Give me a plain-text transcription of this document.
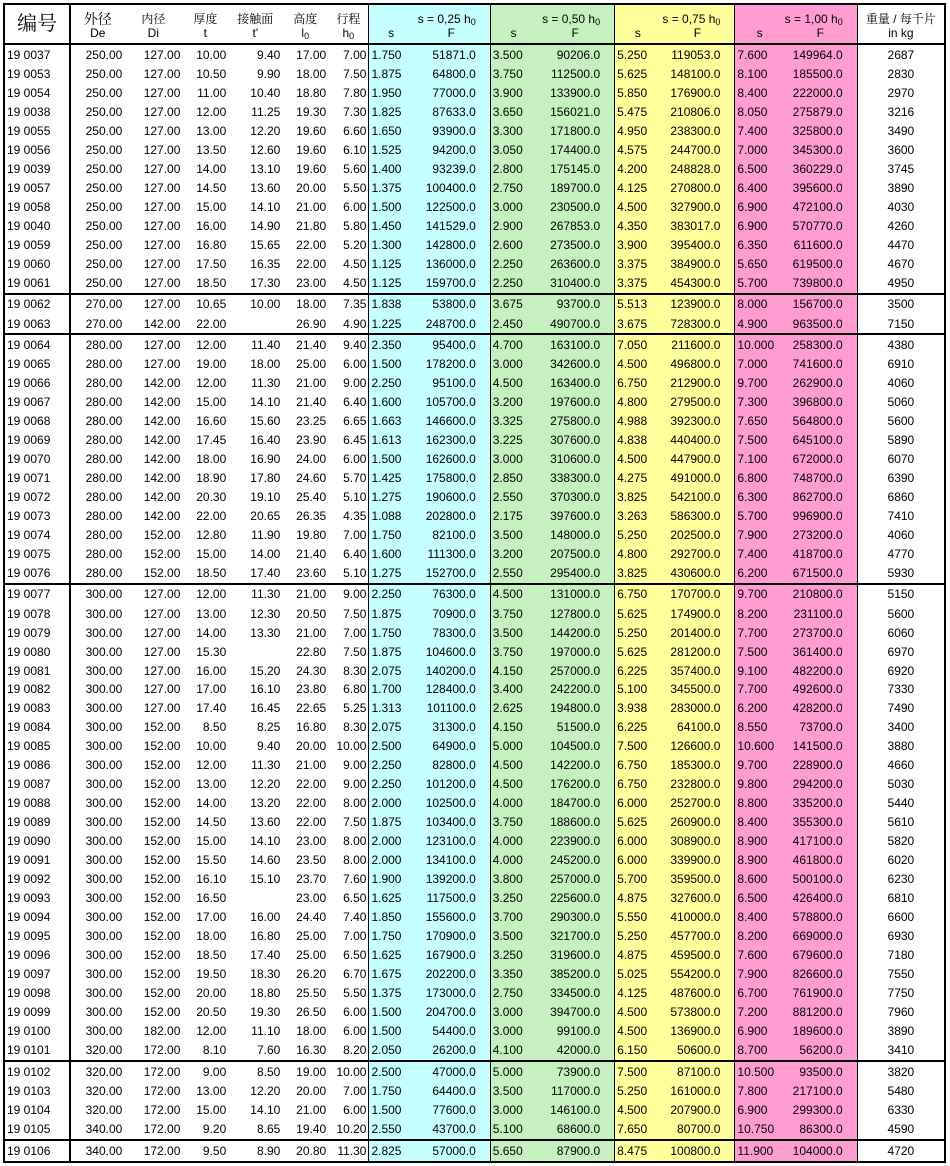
编号	外径	内径	厚度	接触面	高度	行程	s = 0,25 $h_0$		s = 0,50 $h_0$		s = 0,75 $h_0$		s = 1,00 $h_0$		重量 / 每千片
	De	Di	t	t'	$l_0$	$h_0$	s	F	s	F	s	F	s	F	in kg
19 0037	250.00	127.00	10.00	9.40	17.00	7.00	1.750	51871.0	3.500	90206.0	5.250	119053.0	7.600	149964.0	2687
19 0053	250.00	127.00	10.50	9.90	18.00	7.50	1.875	64800.0	3.750	112500.0	5.625	148100.0	8.100	185500.0	2830
19 0054	250.00	127.00	11.00	10.40	18.80	7.80	1.950	77000.0	3.900	133900.0	5.850	176900.0	8.400	222000.0	2970
19 0038	250.00	127.00	12.00	11.25	19.30	7.30	1.825	87633.0	3.650	156021.0	5.475	210806.0	8.050	275879.0	3216
19 0055	250.00	127.00	13.00	12.20	19.60	6.60	1.650	93900.0	3.300	171800.0	4.950	238300.0	7.400	325800.0	3490
19 0056	250.00	127.00	13.50	12.60	19.60	6.10	1.525	94200.0	3.050	174400.0	4.575	244700.0	7.000	345300.0	3600
19 0039	250.00	127.00	14.00	13.10	19.60	5.60	1.400	93239.0	2.800	175145.0	4.200	248828.0	6.500	360229.0	3745
19 0057	250.00	127.00	14.50	13.60	20.00	5.50	1.375	100400.0	2.750	189700.0	4.125	270800.0	6.400	395600.0	3890
19 0058	250.00	127.00	15.00	14.10	21.00	6.00	1.500	122500.0	3.000	230500.0	4.500	327900.0	6.900	472100.0	4030
19 0040	250.00	127.00	16.00	14.90	21.80	5.80	1.450	141529.0	2.900	267853.0	4.350	383017.0	6.900	570770.0	4260
19 0059	250.00	127.00	16.80	15.65	22.00	5.20	1.300	142800.0	2.600	273500.0	3.900	395400.0	6.350	611600.0	4470
19 0060	250.00	127.00	17.50	16.35	22.00	4.50	1.125	136000.0	2.250	263600.0	3.375	384900.0	5.650	619500.0	4670
19 0061	250.00	127.00	18.50	17.30	23.00	4.50	1.125	159700.0	2.250	310400.0	3.375	454300.0	5.700	739800.0	4950
19 0062	270.00	127.00	10.65	10.00	18.00	7.35	1.838	53800.0	3.675	93700.0	5.513	123900.0	8.000	156700.0	3500
19 0063	270.00	142.00	22.00		26.90	4.90	1.225	248700.0	2.450	490700.0	3.675	728300.0	4.900	963500.0	7150
19 0064	280.00	127.00	12.00	11.40	21.40	9.40	2.350	95400.0	4.700	163100.0	7.050	211600.0	10.000	258300.0	4380
19 0065	280.00	127.00	19.00	18.00	25.00	6.00	1.500	178200.0	3.000	342600.0	4.500	496800.0	7.000	741600.0	6910
19 0066	280.00	142.00	12.00	11.30	21.00	9.00	2.250	95100.0	4.500	163400.0	6.750	212900.0	9.700	262900.0	4060
19 0067	280.00	142.00	15.00	14.10	21.40	6.40	1.600	105700.0	3.200	197600.0	4.800	279500.0	7.300	396800.0	5060
19 0068	280.00	142.00	16.60	15.60	23.25	6.65	1.663	146600.0	3.325	275800.0	4.988	392300.0	7.650	564800.0	5600
19 0069	280.00	142.00	17.45	16.40	23.90	6.45	1.613	162300.0	3.225	307600.0	4.838	440400.0	7.500	645100.0	5890
19 0070	280.00	142.00	18.00	16.90	24.00	6.00	1.500	162600.0	3.000	310600.0	4.500	447900.0	7.100	672000.0	6070
19 0071	280.00	142.00	18.90	17.80	24.60	5.70	1.425	175800.0	2.850	338300.0	4.275	491000.0	6.800	748700.0	6390
19 0072	280.00	142.00	20.30	19.10	25.40	5.10	1.275	190600.0	2.550	370300.0	3.825	542100.0	6.300	862700.0	6860
19 0073	280.00	142.00	22.00	20.65	26.35	4.35	1.088	202800.0	2.175	397600.0	3.263	586300.0	5.700	996900.0	7410
19 0074	280.00	152.00	12.80	11.90	19.80	7.00	1.750	82100.0	3.500	148000.0	5.250	202500.0	7.900	273200.0	4060
19 0075	280.00	152.00	15.00	14.00	21.40	6.40	1.600	111300.0	3.200	207500.0	4.800	292700.0	7.400	418700.0	4770
19 0076	280.00	152.00	18.50	17.40	23.60	5.10	1.275	152700.0	2.550	295400.0	3.825	430600.0	6.200	671500.0	5930
19 0077	300.00	127.00	12.00	11.30	21.00	9.00	2.250	76300.0	4.500	131000.0	6.750	170700.0	9.700	210800.0	5150
19 0078	300.00	127.00	13.00	12.30	20.50	7.50	1.875	70900.0	3.750	127800.0	5.625	174900.0	8.200	231100.0	5600
19 0079	300.00	127.00	14.00	13.30	21.00	7.00	1.750	78300.0	3.500	144200.0	5.250	201400.0	7.700	273700.0	6060
19 0080	300.00	127.00	15.30		22.80	7.50	1.875	104600.0	3.750	197000.0	5.625	281200.0	7.500	361400.0	6970
19 0081	300.00	127.00	16.00	15.20	24.30	8.30	2.075	140200.0	4.150	257000.0	6.225	357400.0	9.100	482200.0	6920
19 0082	300.00	127.00	17.00	16.10	23.80	6.80	1.700	128400.0	3.400	242200.0	5.100	345500.0	7.700	492600.0	7330
19 0083	300.00	127.00	17.40	16.45	22.65	5.25	1.313	101100.0	2.625	194800.0	3.938	283000.0	6.200	428200.0	7490
19 0084	300.00	152.00	8.50	8.25	16.80	8.30	2.075	31300.0	4.150	51500.0	6.225	64100.0	8.550	73700.0	3400
19 0085	300.00	152.00	10.00	9.40	20.00	10.00	2.500	64900.0	5.000	104500.0	7.500	126600.0	10.600	141500.0	3880
19 0086	300.00	152.00	12.00	11.30	21.00	9.00	2.250	82800.0	4.500	142200.0	6.750	185300.0	9.700	228900.0	4660
19 0087	300.00	152.00	13.00	12.20	22.00	9.00	2.250	101200.0	4.500	176200.0	6.750	232800.0	9.800	294200.0	5030
19 0088	300.00	152.00	14.00	13.20	22.00	8.00	2.000	102500.0	4.000	184700.0	6.000	252700.0	8.800	335200.0	5440
19 0089	300.00	152.00	14.50	13.60	22.00	7.50	1.875	103400.0	3.750	188600.0	5.625	260900.0	8.400	355300.0	5610
19 0090	300.00	152.00	15.00	14.10	23.00	8.00	2.000	123100.0	4.000	223900.0	6.000	308900.0	8.900	417100.0	5820
19 0091	300.00	152.00	15.50	14.60	23.50	8.00	2.000	134100.0	4.000	245200.0	6.000	339900.0	8.900	461800.0	6020
19 0092	300.00	152.00	16.10	15.10	23.70	7.60	1.900	139200.0	3.800	257000.0	5.700	359500.0	8.600	500100.0	6230
19 0093	300.00	152.00	16.50		23.00	6.50	1.625	117500.0	3.250	225600.0	4.875	327600.0	6.500	426400.0	6810
19 0094	300.00	152.00	17.00	16.00	24.40	7.40	1.850	155600.0	3.700	290300.0	5.550	410000.0	8.400	578800.0	6600
19 0095	300.00	152.00	18.00	16.80	25.00	7.00	1.750	170900.0	3.500	321700.0	5.250	457700.0	8.200	669000.0	6930
19 0096	300.00	152.00	18.50	17.40	25.00	6.50	1.625	167900.0	3.250	319600.0	4.875	459500.0	7.600	679600.0	7180
19 0097	300.00	152.00	19.50	18.30	26.20	6.70	1.675	202200.0	3.350	385200.0	5.025	554200.0	7.900	826600.0	7550
19 0098	300.00	152.00	20.00	18.80	25.50	5.50	1.375	173000.0	2.750	334500.0	4.125	487600.0	6.700	761900.0	7750
19 0099	300.00	152.00	20.50	19.30	26.50	6.00	1.500	204700.0	3.000	394700.0	4.500	573800.0	7.200	881200.0	7960
19 0100	300.00	182.00	12.00	11.10	18.00	6.00	1.500	54400.0	3.000	99100.0	4.500	136900.0	6.900	189600.0	3890
19 0101	320.00	172.00	8.10	7.60	16.30	8.20	2.050	26200.0	4.100	42000.0	6.150	50600.0	8.700	56200.0	3410
19 0102	320.00	172.00	9.00	8.50	19.00	10.00	2.500	47000.0	5.000	73900.0	7.500	87100.0	10.500	93500.0	3820
19 0103	320.00	172.00	13.00	12.20	20.00	7.00	1.750	64400.0	3.500	117000.0	5.250	161000.0	7.800	217100.0	5480
19 0104	320.00	172.00	15.00	14.10	21.00	6.00	1.500	77600.0	3.000	146100.0	4.500	207900.0	6.900	299300.0	6330
19 0105	340.00	172.00	9.20	8.65	19.40	10.20	2.550	43700.0	5.100	68600.0	7.650	80700.0	10.750	86300.0	4590
19 0106	340.00	172.00	9.50	8.90	20.80	11.30	2.825	57000.0	5.650	87900.0	8.475	100800.0	11.900	104000.0	4720
